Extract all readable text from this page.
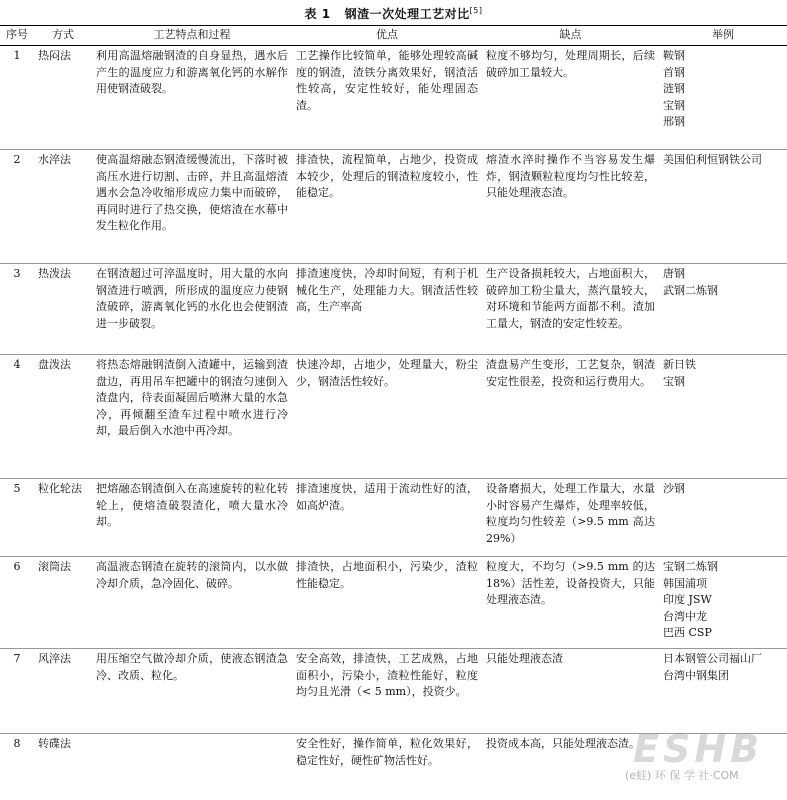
表 1 钢渣一次处理工艺对比[5]
序号	方式	工艺特点和过程	优点	缺点	举例
1	热闷法	利用高温熔融钢渣的自身显热，遇水后产生的温度应力和游离氧化钙的水解作用使钢渣破裂。	工艺操作比较简单，能够处理较高碱度的钢渣，渣铁分离效果好，钢渣活性较高，安定性较好，能处理固态渣。	粒度不够均匀，处理周期长，后续破碎加工量较大。	鞍钢
首钢
涟钢
宝钢
邢钢

2	水淬法	使高温熔融态钢渣缓慢流出，下落时被高压水进行切割、击碎，并且高温熔渣遇水会急冷收缩形成应力集中而破碎，再同时进行了热交换，使熔渣在水幕中发生粒化作用。	排渣快，流程简单，占地少，投资成本较少，处理后的钢渣粒度较小，性能稳定。	熔渣水淬时操作不当容易发生爆炸，钢渣颗粒粒度均匀性比较差，只能处理液态渣。	美国伯利恒钢铁公司

3	热泼法	在钢渣超过可淬温度时，用大量的水向钢渣进行喷洒，所形成的温度应力使钢渣破碎，游离氧化钙的水化也会使钢渣进一步破裂。	排渣速度快，冷却时间短，有利于机械化生产，处理能力大。钢渣活性较高，生产率高	生产设备损耗较大，占地面积大，破碎加工粉尘量大，蒸汽量较大，对环境和节能两方面都不利。渣加工量大，钢渣的安定性较差。	唐钢
武钢二炼钢

4	盘泼法	将热态熔融钢渣倒入渣罐中，运输到渣盘边，再用吊车把罐中的钢渣匀速倒入渣盘内，待表面凝固后喷淋大量的水急冷，再倾翻至渣车过程中喷水进行冷却，最后倒入水池中再冷却。	快速冷却，占地少，处理量大，粉尘少，钢渣活性较好。	渣盘易产生变形，工艺复杂，钢渣安定性很差，投资和运行费用大。	新日铁
宝钢

5	粒化轮法	把熔融态钢渣倒入在高速旋转的粒化转轮上，使熔渣破裂渣化，喷大量水冷却。	排渣速度快，适用于流动性好的渣，如高炉渣。	设备磨损大，处理工作量大，水量小时容易产生爆炸，处理率较低，粒度均匀性较差（>9.5 mm 高达 29%）	沙钢

6	滚筒法	高温液态钢渣在旋转的滚筒内，以水做冷却介质，急冷固化、破碎。	排渣快，占地面积小，污染少，渣粒性能稳定。	粒度大，不均匀（>9.5 mm 的达 18%）活性差，设备投资大，只能处理液态渣。	宝钢二炼钢
韩国浦项
印度 JSW
台湾中龙
巴西 CSP

7	风淬法	用压缩空气做冷却介质，使液态钢渣急冷、改质、粒化。	安全高效，排渣快，工艺成熟，占地面积小，污染小，渣粒性能好，粒度均匀且光滑（< 5 mm），投资少。	只能处理液态渣	日本钢管公司福山厂
台湾中钢集团

8	转碟法		安全性好，操作简单，粒化效果好，稳定性好，硬性矿物活性好。	投资成本高，只能处理液态渣。	
ESHB
(e蛙) 环 保 学 社·COM
